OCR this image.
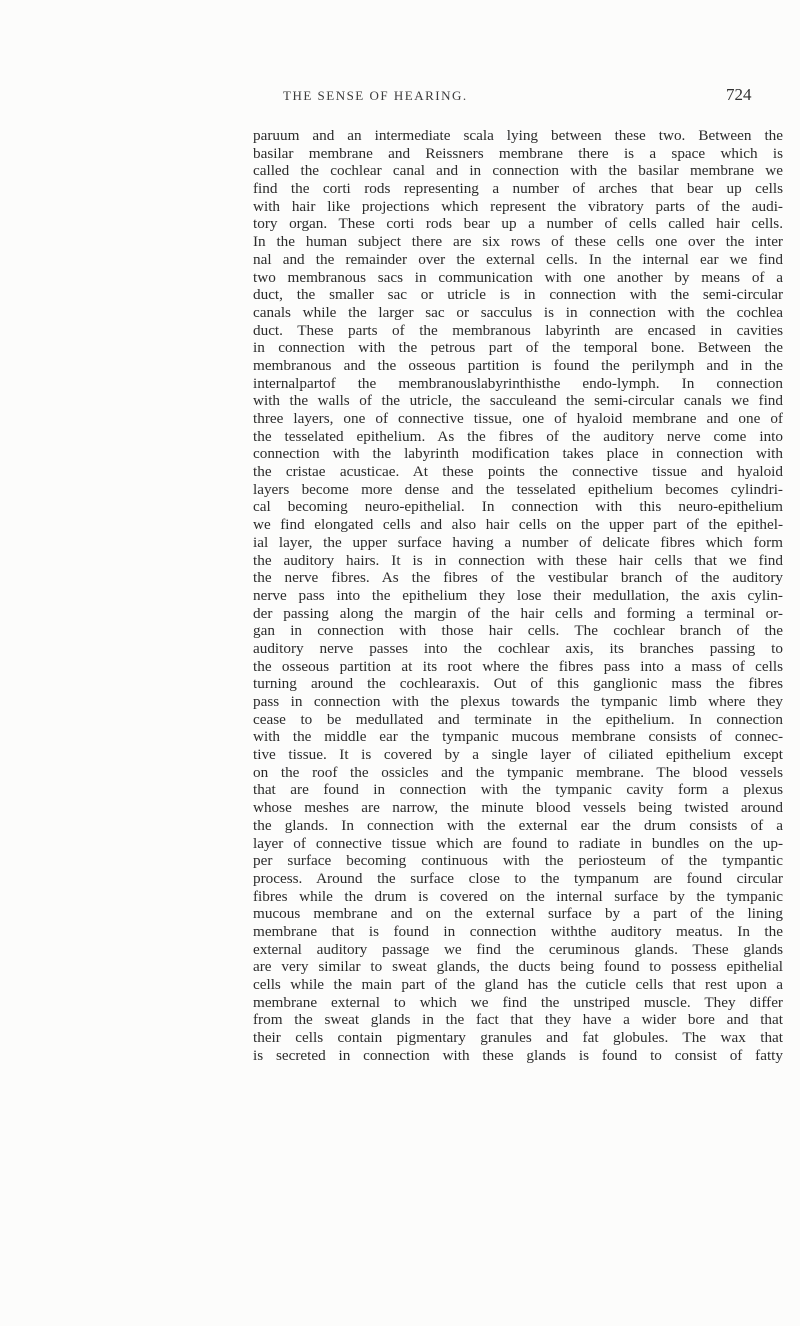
THE SENSE OF HEARING.	724
paruum and an intermediate scala lying between these two. Between the
basilar membrane and Reissners membrane there is a space which is
called the cochlear canal and in connection with the basilar membrane we
find the corti rods representing a number of arches that bear up cells
with hair like projections which represent the vibratory parts of the audi-
tory organ. These corti rods bear up a number of cells called hair cells.
In the human subject there are six rows of these cells one over the inter
nal and the remainder over the external cells. In the internal ear we find
two membranous sacs in communication with one another by means of a
duct, the smaller sac or utricle is in connection with the semi-circular
canals while the larger sac or sacculus is in connection with the cochlea
duct. These parts of the membranous labyrinth are encased in cavities
in connection with the petrous part of the temporal bone. Between the
membranous and the osseous partition is found the perilymph and in the
internalpartof the membranouslabyrinthisthe endo-lymph. In connection
with the walls of the utricle, the sacculeand the semi-circular canals we find
three layers, one of connective tissue, one of hyaloid membrane and one of
the tesselated epithelium. As the fibres of the auditory nerve come into
connection with the labyrinth modification takes place in connection with
the cristae acusticae. At these points the connective tissue and hyaloid
layers become more dense and the tesselated epithelium becomes cylindri-
cal becoming neuro-epithelial. In connection with this neuro-epithelium
we find elongated cells and also hair cells on the upper part of the epithel-
ial layer, the upper surface having a number of delicate fibres which form
the auditory hairs. It is in connection with these hair cells that we find
the nerve fibres. As the fibres of the vestibular branch of the auditory
nerve pass into the epithelium they lose their medullation, the axis cylin-
der passing along the margin of the hair cells and forming a terminal or-
gan in connection with those hair cells. The cochlear branch of the
auditory nerve passes into the cochlear axis, its branches passing to
the osseous partition at its root where the fibres pass into a mass of cells
turning around the cochlearaxis. Out of this ganglionic mass the fibres
pass in connection with the plexus towards the tympanic limb where they
cease to be medullated and terminate in the epithelium. In connection
with the middle ear the tympanic mucous membrane consists of connec-
tive tissue. It is covered by a single layer of ciliated epithelium except
on the roof the ossicles and the tympanic membrane. The blood vessels
that are found in connection with the tympanic cavity form a plexus
whose meshes are narrow, the minute blood vessels being twisted around
the glands. In connection with the external ear the drum consists of a
layer of connective tissue which are found to radiate in bundles on the up-
per surface becoming continuous with the periosteum of the tympantic
process. Around the surface close to the tympanum are found circular
fibres while the drum is covered on the internal surface by the tympanic
mucous membrane and on the external surface by a part of the lining
membrane that is found in connection withthe auditory meatus. In the
external auditory passage we find the ceruminous glands. These glands
are very similar to sweat glands, the ducts being found to possess epithelial
cells while the main part of the gland has the cuticle cells that rest upon a
membrane external to which we find the unstriped muscle. They differ
from the sweat glands in the fact that they have a wider bore and that
their cells contain pigmentary granules and fat globules. The wax that
is secreted in connection with these glands is found to consist of fatty
